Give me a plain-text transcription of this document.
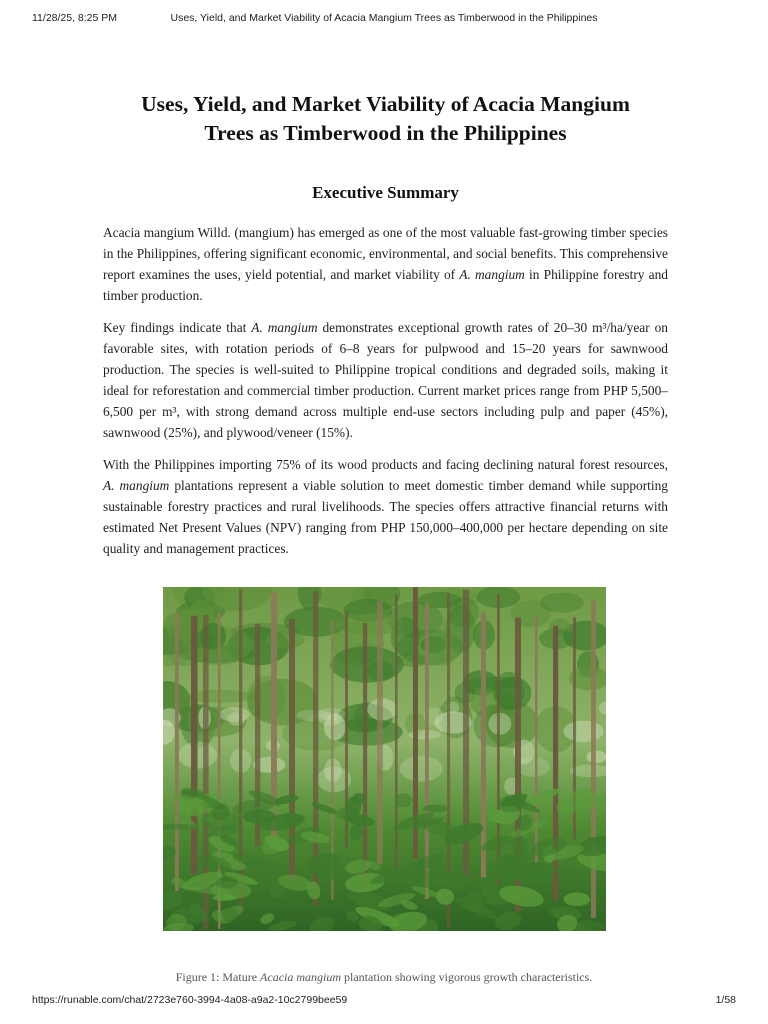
11/28/25, 8:25 PM	Uses, Yield, and Market Viability of Acacia Mangium Trees as Timberwood in the Philippines
Uses, Yield, and Market Viability of Acacia Mangium
Trees as Timberwood in the Philippines
Executive Summary

Acacia mangium Willd. (mangium) has emerged as one of the most valuable fast-growing timber species in the Philippines, offering significant economic, environmental, and social benefits. This comprehensive report examines the uses, yield potential, and market viability of A. mangium in Philippine forestry and timber production.

Key findings indicate that A. mangium demonstrates exceptional growth rates of 20–30 m³/ha/year on favorable sites, with rotation periods of 6–8 years for pulpwood and 15–20 years for sawnwood production. The species is well-suited to Philippine tropical conditions and degraded soils, making it ideal for reforestation and commercial timber production. Current market prices range from PHP 5,500–6,500 per m³, with strong demand across multiple end-use sectors including pulp and paper (45%), sawnwood (25%), and plywood/veneer (15%).

With the Philippines importing 75% of its wood products and facing declining natural forest resources, A. mangium plantations represent a viable solution to meet domestic timber demand while supporting sustainable forestry practices and rural livelihoods. The species offers attractive financial returns with estimated Net Present Values (NPV) ranging from PHP 150,000–400,000 per hectare depending on site quality and management practices.

Figure 1: Mature Acacia mangium plantation showing vigorous growth characteristics.
https://runable.com/chat/2723e760-3994-4a08-a9a2-10c2799bee59	1/58
